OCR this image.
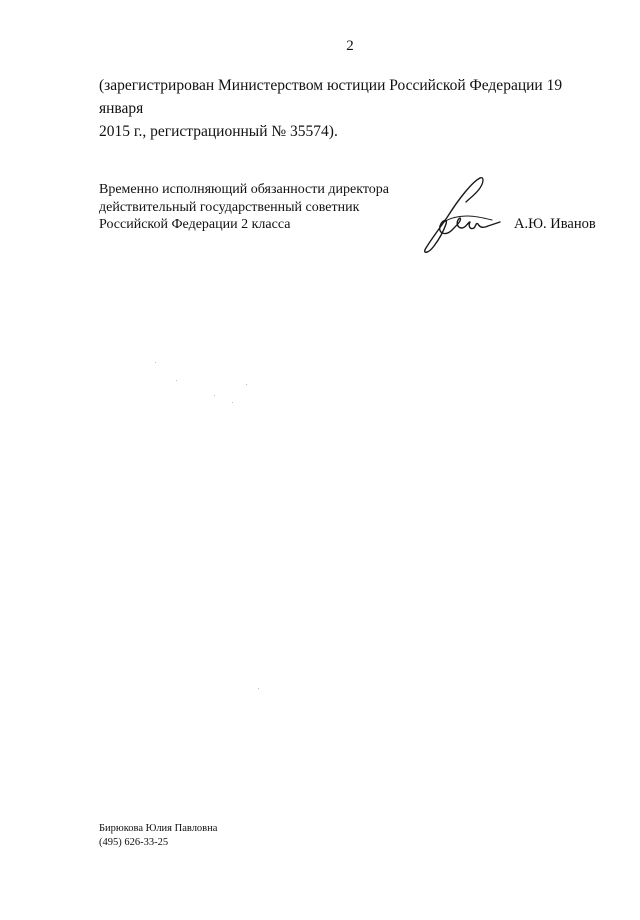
2

(зарегистрирован Министерством юстиции Российской Федерации 19 января

2015 г., регистрационный № 35574).

Временно исполняющий обязанности директора
действительный государственный советник
Российской Федерации 2 класса	А.Ю. Иванов
Бирюкова Юлия Павловна
(495) 626-33-25
